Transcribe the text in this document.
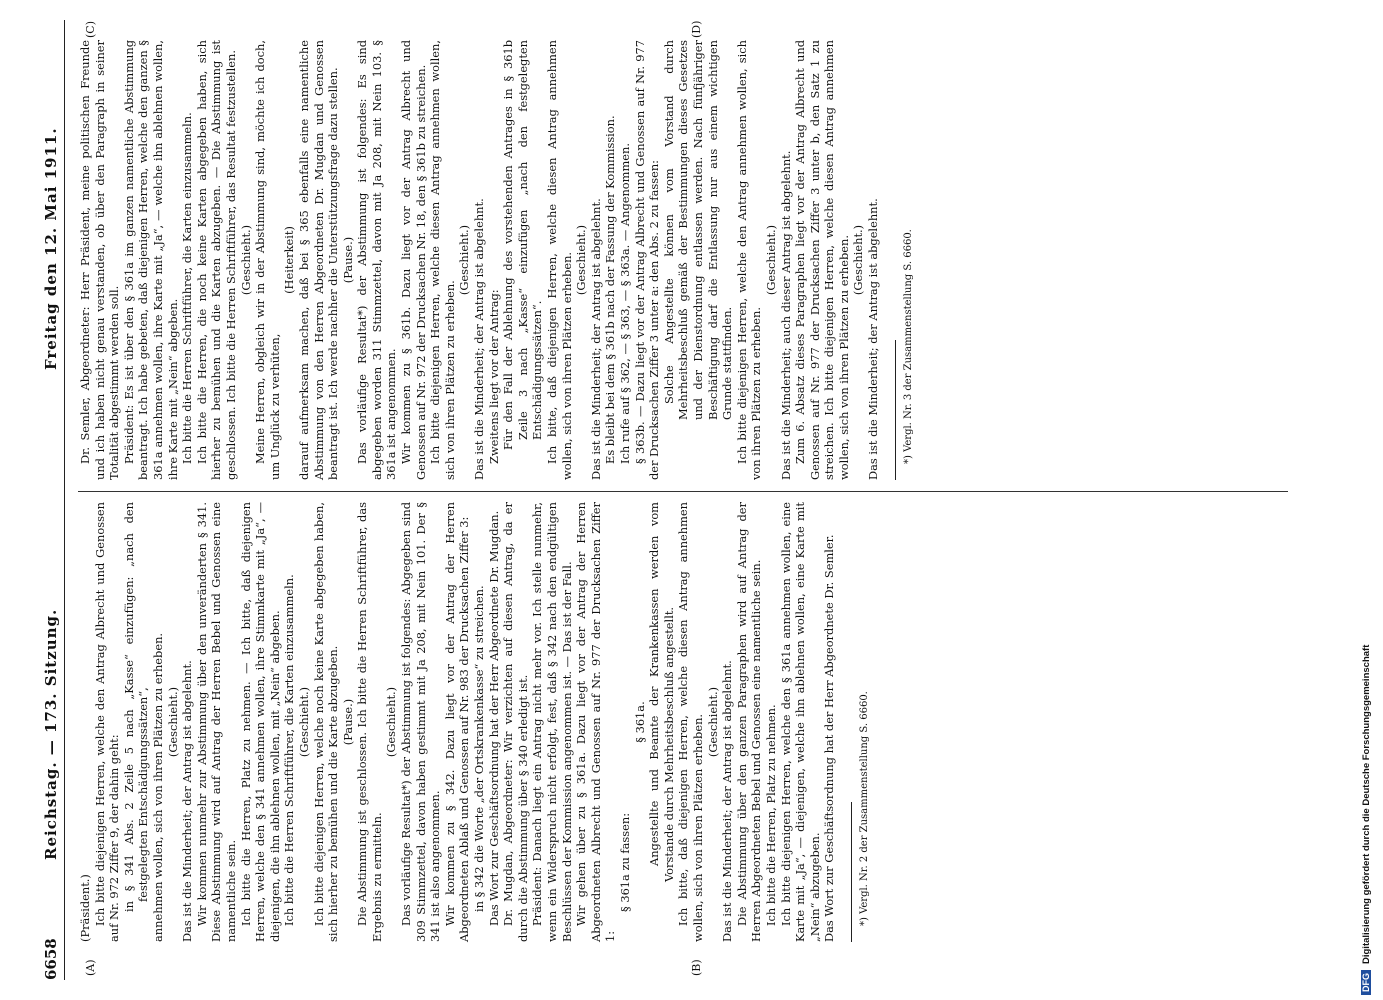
6658
Reichstag. — 173. Sitzung.
Freitag den 12. Mai 1911.
(A)	(B)
(C)	(D)

(Präsident.) Ich bitte diejenigen Herren, welche den Antrag Albrecht und Genossen auf Nr. 972 Ziffer 9, der dahin geht: in § 341 Abs. 2 Zeile 5 nach „Kasse“ einzufügen: „nach den festgelegten Entschädigungssätzen“, annehmen wollen, sich von ihren Plätzen zu erheben. (Geschieht.) Das ist die Minderheit; der Antrag ist abgelehnt. Wir kommen nunmehr zur Abstimmung über den unveränderten § 341. Diese Abstimmung wird auf Antrag der Herren Bebel und Genossen eine namentliche sein. Ich bitte die Herren, Platz zu nehmen. — Ich bitte, daß diejenigen Herren, welche den § 341 annehmen wollen, ihre Stimmkarte mit „Ja“, — diejenigen, die ihn ablehnen wollen, mit „Nein“ abgeben. Ich bitte die Herren Schriftführer, die Karten einzusammeln. (Geschieht.) Ich bitte diejenigen Herren, welche noch keine Karte abgegeben haben, sich hierher zu bemühen und die Karte abzugeben. (Pause.) Die Abstimmung ist geschlossen. Ich bitte die Herren Schriftführer, das Ergebnis zu ermitteln.

(Geschieht.) Das vorläufige Resultat*) der Abstimmung ist folgendes: Abgegeben sind 309 Stimmzettel, davon haben gestimmt mit Ja 208, mit Nein 101. Der § 341 ist also angenommen. Wir kommen zu § 342. Dazu liegt vor der Antrag der Herren Abgeordneten Ablaß und Genossen auf Nr. 983 der Drucksachen Ziffer 3: in § 342 die Worte „der Ortskrankenkasse“ zu streichen. Das Wort zur Geschäftsordnung hat der Herr Abgeordnete Dr. Mugdan. Dr. Mugdan, Abgeordneter: Wir verzichten auf diesen Antrag, da er durch die Abstimmung über § 340 erledigt ist. Präsident: Danach liegt ein Antrag nicht mehr vor. Ich stelle nunmehr, wenn ein Widerspruch nicht erfolgt, fest, daß § 342 nach den endgültigen Beschlüssen der Kommission angenommen ist. — Das ist der Fall. Wir gehen über zu § 361a. Dazu liegt vor der Antrag der Herren Abgeordneten Albrecht und Genossen auf Nr. 977 der Drucksachen Ziffer 1:

§ 361a zu fassen:

§ 361a. Angestellte und Beamte der Krankenkassen werden vom Vorstande durch Mehrheitsbeschluß angestellt. Ich bitte, daß diejenigen Herren, welche diesen Antrag annehmen wollen, sich von ihren Plätzen erheben. (Geschieht.) Das ist die Minderheit; der Antrag ist abgelehnt. Die Abstimmung über den ganzen Paragraphen wird auf Antrag der Herren Abgeordneten Bebel und Genossen eine namentliche sein. Ich bitte die Herren, Platz zu nehmen. Ich bitte diejenigen Herren, welche den § 361a annehmen wollen, eine Karte mit „Ja“, — diejenigen, welche ihn ablehnen wollen, eine Karte mit „Nein“ abzugeben. Das Wort zur Geschäftsordnung hat der Herr Abgeordnete Dr. Semler. *) Vergl. Nr. 2 der Zusammenstellung S. 6660.

Dr. Semler, Abgeordneter: Herr Präsident, meine politischen Freunde und ich haben nicht genau verstanden, ob über den Paragraph in seiner Totalität abgestimmt werden soll. Präsident: Es ist über den § 361a im ganzen namentliche Abstimmung beantragt. Ich habe gebeten, daß diejenigen Herren, welche den ganzen § 361a annehmen wollen, ihre Karte mit „Ja“, — welche ihn ablehnen wollen, ihre Karte mit „Nein“ abgeben. Ich bitte die Herren Schriftführer, die Karten einzusammeln. Ich bitte die Herren, die noch keine Karten abgegeben haben, sich hierher zu bemühen und die Karten abzugeben. — Die Abstimmung ist geschlossen. Ich bitte die Herren Schriftführer, das Resultat festzustellen. (Geschieht.) Meine Herren, obgleich wir in der Abstimmung sind, möchte ich doch, um Unglück zu verhüten,

(Heiterkeit) darauf aufmerksam machen, daß bei § 365 ebenfalls eine namentliche Abstimmung von den Herren Abgeordneten Dr. Mugdan und Genossen beantragt ist. Ich werde nachher die Unterstützungsfrage dazu stellen. (Pause.) Das vorläufige Resultat*) der Abstimmung ist folgendes: Es sind abgegeben worden 311 Stimmzettel, davon mit Ja 208, mit Nein 103. § 361a ist angenommen. Wir kommen zu § 361b. Dazu liegt vor der Antrag Albrecht und Genossen auf Nr. 972 der Drucksachen Nr. 18, den § 361b zu streichen. Ich bitte diejenigen Herren, welche diesen Antrag annehmen wollen, sich von ihren Plätzen zu erheben.

(Geschieht.) Das ist die Minderheit; der Antrag ist abgelehnt. Zweitens liegt vor der Antrag: Für den Fall der Ablehnung des vorstehenden Antrages in § 361b Zeile 3 nach „Kasse“ einzufügen „nach den festgelegten Entschädigungssätzen“. Ich bitte, daß diejenigen Herren, welche diesen Antrag annehmen wollen, sich von ihren Plätzen erheben. (Geschieht.) Das ist die Minderheit; der Antrag ist abgelehnt. Es bleibt bei dem § 361b nach der Fassung der Kommission. Ich rufe auf § 362, — § 363, — § 363a. — Angenommen. § 363b. — Dazu liegt vor der Antrag Albrecht und Genossen auf Nr. 977 der Drucksachen Ziffer 3 unter a: den Abs. 2 zu fassen: Solche Angestellte können vom Vorstand durch Mehrheitsbeschluß gemäß der Bestimmungen dieses Gesetzes und der Dienstordnung entlassen werden. Nach fünfjähriger Beschäftigung darf die Entlassung nur aus einem wichtigen Grunde stattfinden. Ich bitte diejenigen Herren, welche den Antrag annehmen wollen, sich von ihren Plätzen zu erheben.

(Geschieht.) Das ist die Minderheit; auch dieser Antrag ist abgelehnt. Zum 6. Absatz dieses Paragraphen liegt vor der Antrag Albrecht und Genossen auf Nr. 977 der Drucksachen Ziffer 3 unter b, den Satz 1 zu streichen. Ich bitte diejenigen Herren, welche diesen Antrag annehmen wollen, sich von ihren Plätzen zu erheben. (Geschieht.) Das ist die Minderheit; der Antrag ist abgelehnt. *) Vergl. Nr. 3 der Zusammenstellung S. 6660.

DFGDigitalisierung gefördert durch die Deutsche Forschungsgemeinschaft
